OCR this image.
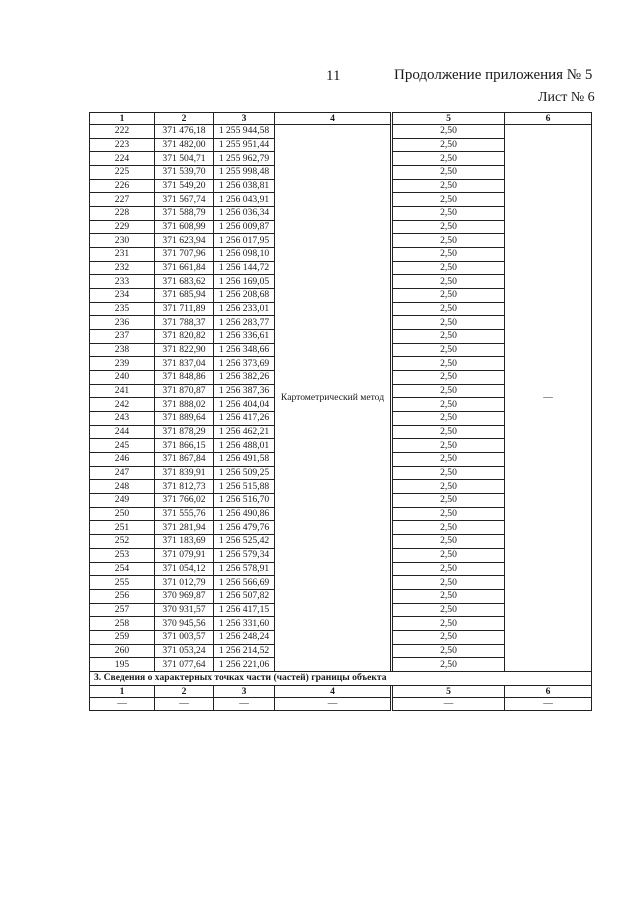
11	Продолжение приложения № 5
Лист № 6
1	2	3	4		5	6
222	371 476,18	1 255 944,58	Картометрический метод		2,50	—
223	371 482,00	1 255 951,44			2,50	
224	371 504,71	1 255 962,79			2,50	
225	371 539,70	1 255 998,48			2,50	
226	371 549,20	1 256 038,81			2,50	
227	371 567,74	1 256 043,91			2,50	
228	371 588,79	1 256 036,34			2,50	
229	371 608,99	1 256 009,87			2,50	
230	371 623,94	1 256 017,95			2,50	
231	371 707,96	1 256 098,10			2,50	
232	371 661,84	1 256 144,72			2,50	
233	371 683,62	1 256 169,05			2,50	
234	371 685,94	1 256 208,68			2,50	
235	371 711,89	1 256 233,01			2,50	
236	371 788,37	1 256 283,77			2,50	
237	371 820,82	1 256 336,61			2,50	
238	371 822,90	1 256 348,66			2,50	
239	371 837,04	1 256 373,69			2,50	
240	371 848,86	1 256 382,26			2,50	
241	371 870,87	1 256 387,36			2,50	
242	371 888,02	1 256 404,04			2,50	
243	371 889,64	1 256 417,26			2,50	
244	371 878,29	1 256 462,21			2,50	
245	371 866,15	1 256 488,01			2,50	
246	371 867,84	1 256 491,58			2,50	
247	371 839,91	1 256 509,25			2,50	
248	371 812,73	1 256 515,88			2,50	
249	371 766,02	1 256 516,70			2,50	
250	371 555,76	1 256 490,86			2,50	
251	371 281,94	1 256 479,76			2,50	
252	371 183,69	1 256 525,42			2,50	
253	371 079,91	1 256 579,34			2,50	
254	371 054,12	1 256 578,91			2,50	
255	371 012,79	1 256 566,69			2,50	
256	370 969,87	1 256 507,82			2,50	
257	370 931,57	1 256 417,15			2,50	
258	370 945,56	1 256 331,60			2,50	
259	371 003,57	1 256 248,24			2,50	
260	371 053,24	1 256 214,52			2,50	
195	371 077,64	1 256 221,06			2,50	
3. Сведения о характерных точках части (частей) границы объекта						
1	2	3	4		5	6
—	—	—	—		—	—
